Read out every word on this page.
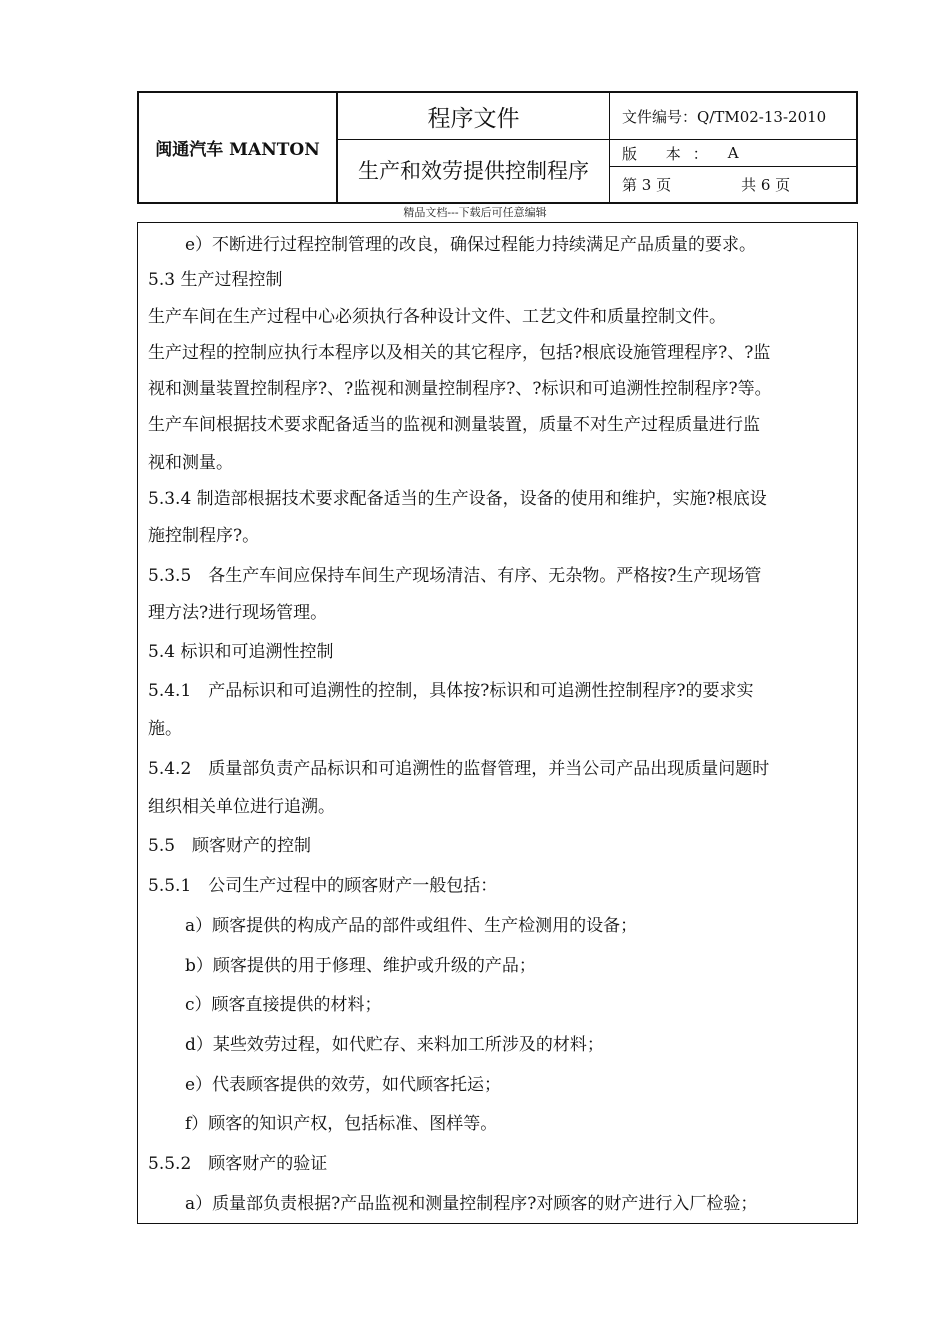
闽通汽车 MANTON
程序文件
生产和效劳提供控制程序
文件编号：Q/TM02-13-2010
版 本： A
第 3 页	共 6 页
精品文档---下载后可任意编辑
e）不断进行过程控制管理的改良，确保过程能力持续满足产品质量的要求。
5.3 生产过程控制
生产车间在生产过程中心必须执行各种设计文件、工艺文件和质量控制文件。
生产过程的控制应执行本程序以及相关的其它程序，包括?根底设施管理程序?、?监
视和测量装置控制程序?、?监视和测量控制程序?、?标识和可追溯性控制程序?等。
生产车间根据技术要求配备适当的监视和测量装置，质量不对生产过程质量进行监
视和测量。
5.3.4 制造部根据技术要求配备适当的生产设备，设备的使用和维护，实施?根底设
施控制程序?。
5.3.5　各生产车间应保持车间生产现场清洁、有序、无杂物。严格按?生产现场管
理方法?进行现场管理。
5.4 标识和可追溯性控制
5.4.1　产品标识和可追溯性的控制，具体按?标识和可追溯性控制程序?的要求实
施。
5.4.2　质量部负责产品标识和可追溯性的监督管理，并当公司产品出现质量问题时
组织相关单位进行追溯。
5.5　顾客财产的控制
5.5.1　公司生产过程中的顾客财产一般包括：
a）顾客提供的构成产品的部件或组件、生产检测用的设备；
b）顾客提供的用于修理、维护或升级的产品；
c）顾客直接提供的材料；
d）某些效劳过程，如代贮存、来料加工所涉及的材料；
e）代表顾客提供的效劳，如代顾客托运；
f）顾客的知识产权，包括标准、图样等。
5.5.2　顾客财产的验证
a）质量部负责根据?产品监视和测量控制程序?对顾客的财产进行入厂检验；
